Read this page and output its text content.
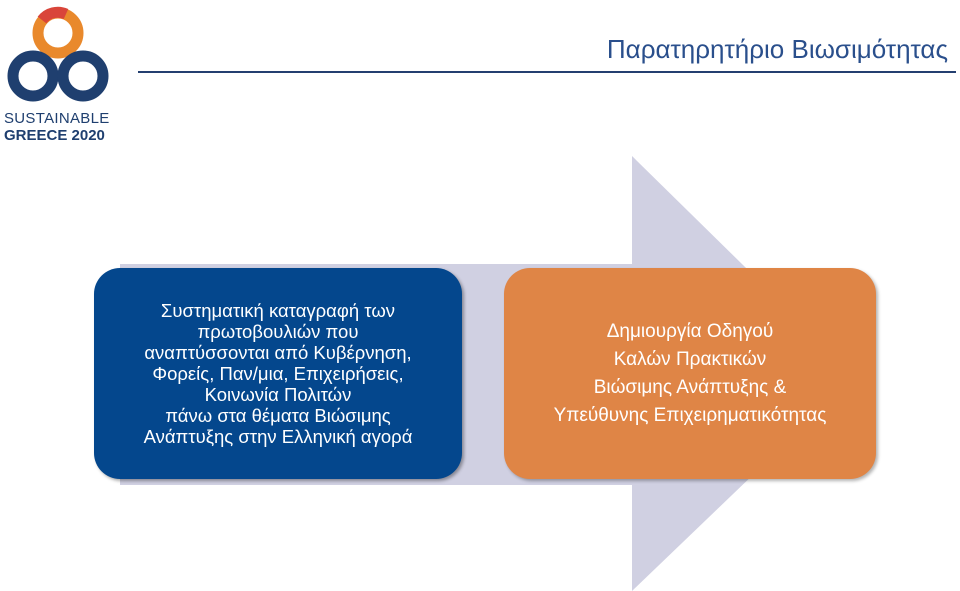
SUSTAINABLE
GREECE 2020
Παρατηρητήριο Βιωσιμότητας
Συστηματική καταγραφή των
πρωτοβουλιών που
αναπτύσσονται από Κυβέρνηση,
Φορείς, Παν/μια, Επιχειρήσεις,
Κοινωνία Πολιτών
πάνω στα θέματα Βιώσιμης
Ανάπτυξης στην Ελληνική αγορά
Δημιουργία Οδηγού
Καλών Πρακτικών
Βιώσιμης Ανάπτυξης &
Υπεύθυνης Επιχειρηματικότητας
